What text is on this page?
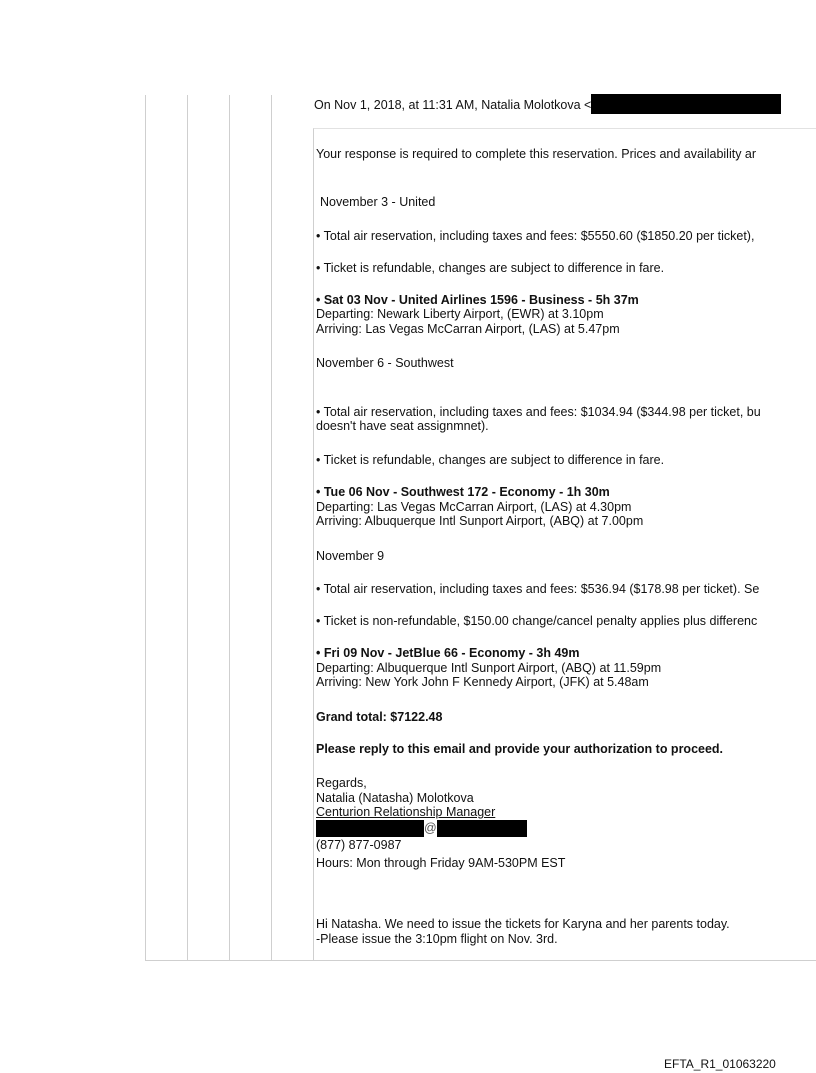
On Nov 1, 2018, at 11:31 AM, Natalia Molotkova <
Your response is required to complete this reservation. Prices and availability ar
November 3 - United
• Total air reservation, including taxes and fees: $5550.60 ($1850.20 per ticket),
• Ticket is refundable, changes are subject to difference in fare.
• Sat 03 Nov - United Airlines 1596 - Business - 5h 37m
Departing: Newark Liberty Airport, (EWR) at 3.10pm
Arriving: Las Vegas McCarran Airport, (LAS) at 5.47pm
November 6 - Southwest
• Total air reservation, including taxes and fees: $1034.94 ($344.98 per ticket, bu
doesn't have seat assignmnet).
• Ticket is refundable, changes are subject to difference in fare.
• Tue 06 Nov - Southwest 172 - Economy - 1h 30m
Departing: Las Vegas McCarran Airport, (LAS) at 4.30pm
Arriving: Albuquerque Intl Sunport Airport, (ABQ) at 7.00pm
November 9
• Total air reservation, including taxes and fees: $536.94 ($178.98 per ticket). Se
• Ticket is non-refundable, $150.00 change/cancel penalty applies plus differenc
• Fri 09 Nov - JetBlue 66 - Economy - 3h 49m
Departing: Albuquerque Intl Sunport Airport, (ABQ) at 11.59pm
Arriving: New York John F Kennedy Airport, (JFK) at 5.48am
Grand total: $7122.48
Please reply to this email and provide your authorization to proceed.
Regards,
Natalia (Natasha) Molotkova
Centurion Relationship Manager
@
(877) 877-0987
Hours: Mon through Friday 9AM-530PM EST
Hi Natasha. We need to issue the tickets for Karyna and her parents today.
-Please issue the 3:10pm flight on Nov. 3rd.
EFTA_R1_01063220
